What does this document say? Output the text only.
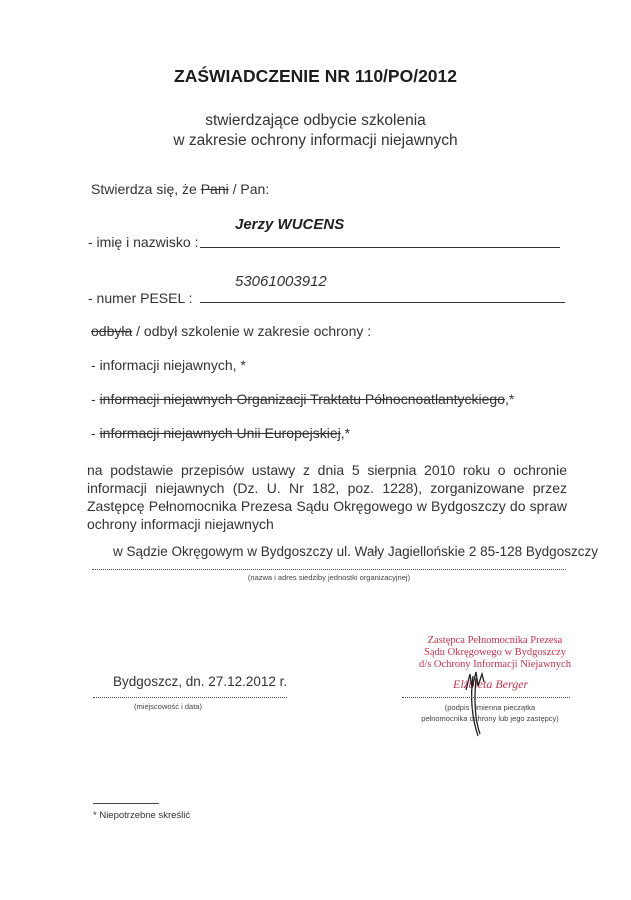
ZAŚWIADCZENIE NR 110/PO/2012
stwierdzające odbycie szkolenia
w zakresie ochrony informacji niejawnych
Stwierdza się, że Pani / Pan:
Jerzy WUCENS
- imię i nazwisko :
53061003912
- numer PESEL :
odbyła / odbył szkolenie w zakresie ochrony :
- informacji niejawnych, *
- informacji niejawnych Organizacji Traktatu Północnoatlantyckiego,*
- informacji niejawnych Unii Europejskiej,*
na podstawie przepisów ustawy z dnia 5 sierpnia 2010 roku o ochronie informacji niejawnych (Dz. U. Nr 182, poz. 1228), zorganizowane przez Zastępcę Pełnomocnika Prezesa Sądu Okręgowego w Bydgoszczy do spraw ochrony informacji niejawnych
w Sądzie Okręgowym w Bydgoszczy ul. Wały Jagiellońskie 2 85-128 Bydgoszczy
(nazwa i adres siedziby jednostki organizacyjnej)
Zastępca Pełnomocnika Prezesa
Sądu Okręgowego w Bydgoszczy
d/s Ochrony Informacji Niejawnych
Elżbieta Berger
Bydgoszcz, dn. 27.12.2012 r.
(miejscowość i data)	(podpis i imienna pieczątka
pełnomocnika ochrony lub jego zastępcy)
* Niepotrzebne skreślić
